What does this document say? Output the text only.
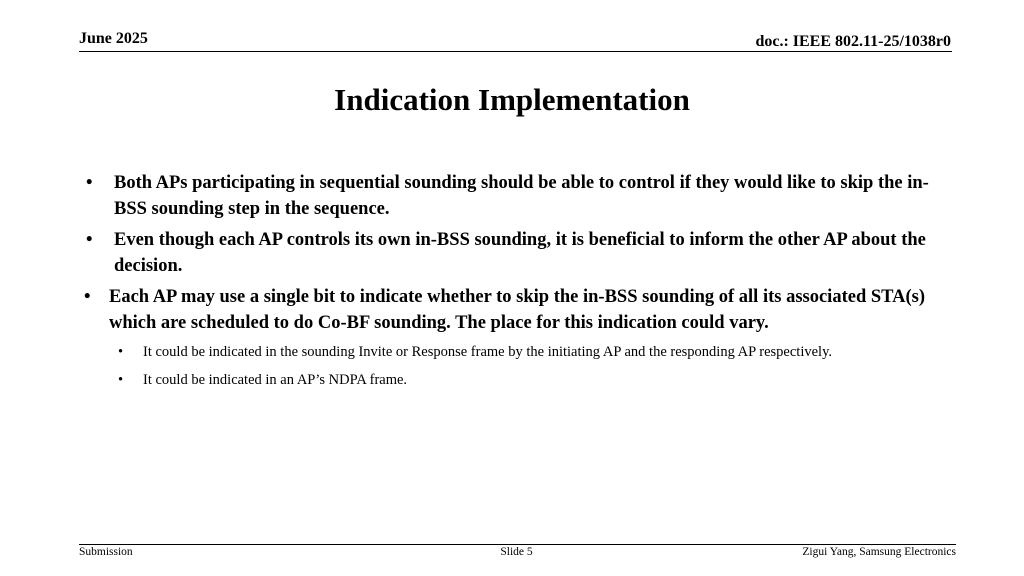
June 2025	doc.: IEEE 802.11-25/1038r0
Indication Implementation
• Both APs participating in sequential sounding should be able to control if they would like to skip the in-BSS sounding step in the sequence.
• Even though each AP controls its own in-BSS sounding, it is beneficial to inform the other AP about the decision.
• Each AP may use a single bit to indicate whether to skip the in-BSS sounding of all its associated STA(s) which are scheduled to do Co-BF sounding. The place for this indication could vary.
• It could be indicated in the sounding Invite or Response frame by the initiating AP and the responding AP respectively.
• It could be indicated in an AP’s NDPA frame.
Submission	Slide 5	Zigui Yang, Samsung Electronics
